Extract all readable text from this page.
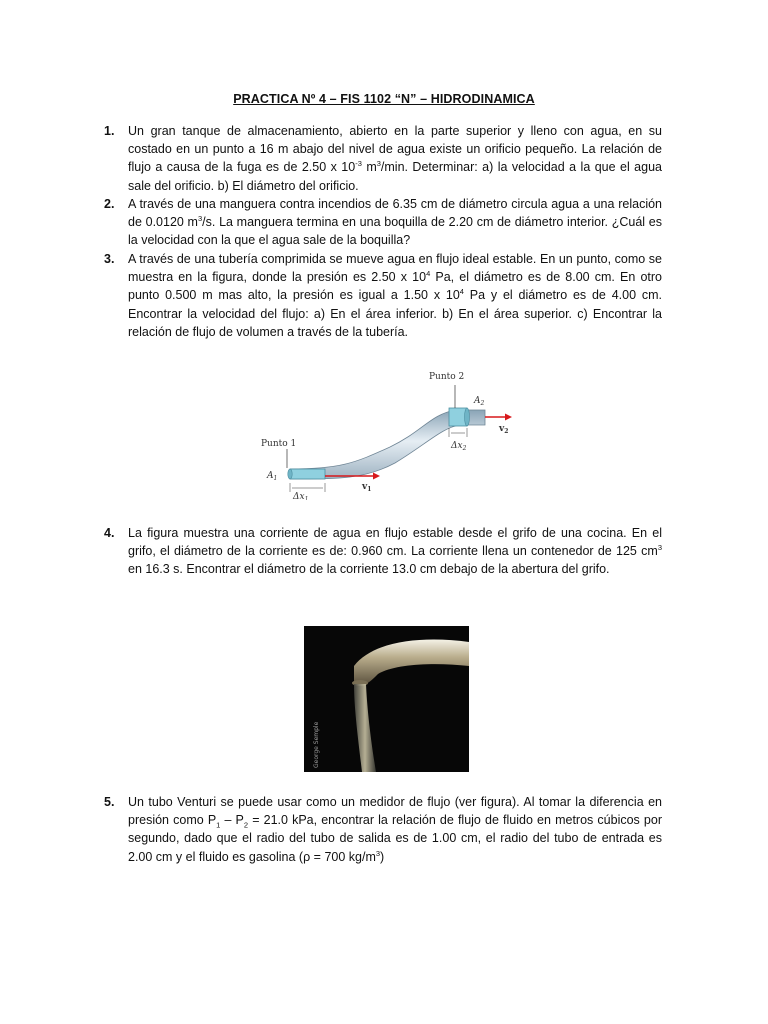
PRACTICA Nº 4 – FIS 1102 “N” – HIDRODINAMICA
1. Un gran tanque de almacenamiento, abierto en la parte superior y lleno con agua, en su costado en un punto a 16 m abajo del nivel de agua existe un orificio pequeño. La relación de flujo a causa de la fuga es de 2.50 x $10^{-3}$ $m^3/\min$. Determinar: a) la velocidad a la que el agua sale del orificio. b) El diámetro del orificio.
2. A través de una manguera contra incendios de 6.35 cm de diámetro circula agua a una relación de 0.0120 $m^3/s$. La manguera termina en una boquilla de 2.20 cm de diámetro interior. ¿Cuál es la velocidad con la que el agua sale de la boquilla?
3. A través de una tubería comprimida se mueve agua en flujo ideal estable. En un punto, como se muestra en la figura, donde la presión es 2.50 x $10^4$ Pa, el diámetro es de 8.00 cm. En otro punto 0.500 m mas alto, la presión es igual a 1.50 x $10^4$ Pa y el diámetro es de 4.00 cm. Encontrar la velocidad del flujo: a) En el área inferior. b) En el área superior. c) Encontrar la relación de flujo de volumen a través de la tubería.
Punto 1
Punto 2
$A_1$
$A_2$
$\Delta x_1$
$\Delta x_2$
$v_1$
$v_2$
4. La figura muestra una corriente de agua en flujo estable desde el grifo de una cocina. En el grifo, el diámetro de la corriente es de: 0.960 cm. La corriente llena un contenedor de 125 $cm^3$ en 16.3 s. Encontrar el diámetro de la corriente 13.0 cm debajo de la abertura del grifo.
George Semple
5. Un tubo Venturi se puede usar como un medidor de flujo (ver figura). Al tomar la diferencia en presión como $P_1 - P_2 = 21.0$ kPa, encontrar la relación de flujo de fluido en metros cúbicos por segundo, dado que el radio del tubo de salida es de 1.00 cm, el radio del tubo de entrada es 2.00 cm y el fluido es gasolina (ρ = 700 $kg/m^3$)
